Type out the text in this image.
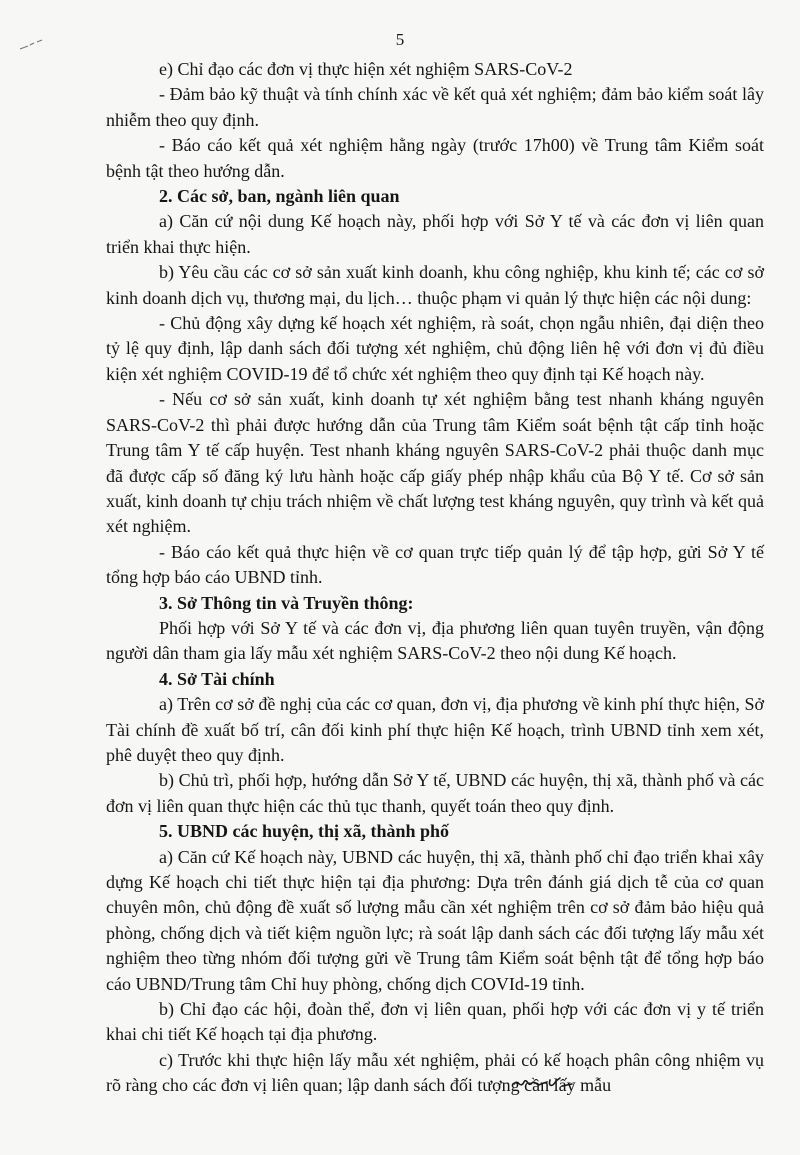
5

e) Chỉ đạo các đơn vị thực hiện xét nghiệm SARS-CoV-2

- Đảm bảo kỹ thuật và tính chính xác về kết quả xét nghiệm; đảm bảo kiểm soát lây nhiễm theo quy định.

- Báo cáo kết quả xét nghiệm hằng ngày (trước 17h00) về Trung tâm Kiểm soát bệnh tật theo hướng dẫn.

2. Các sở, ban, ngành liên quan

a) Căn cứ nội dung Kế hoạch này, phối hợp với Sở Y tế và các đơn vị liên quan triển khai thực hiện.

b) Yêu cầu các cơ sở sản xuất kinh doanh, khu công nghiệp, khu kinh tế; các cơ sở kinh doanh dịch vụ, thương mại, du lịch… thuộc phạm vi quản lý thực hiện các nội dung:

- Chủ động xây dựng kế hoạch xét nghiệm, rà soát, chọn ngẫu nhiên, đại diện theo tỷ lệ quy định, lập danh sách đối tượng xét nghiệm, chủ động liên hệ với đơn vị đủ điều kiện xét nghiệm COVID-19 để tổ chức xét nghiệm theo quy định tại Kế hoạch này.

- Nếu cơ sở sản xuất, kinh doanh tự xét nghiệm bằng test nhanh kháng nguyên SARS-CoV-2 thì phải được hướng dẫn của Trung tâm Kiểm soát bệnh tật cấp tỉnh hoặc Trung tâm Y tế cấp huyện. Test nhanh kháng nguyên SARS-CoV-2 phải thuộc danh mục đã được cấp số đăng ký lưu hành hoặc cấp giấy phép nhập khẩu của Bộ Y tế. Cơ sở sản xuất, kinh doanh tự chịu trách nhiệm về chất lượng test kháng nguyên, quy trình và kết quả xét nghiệm.

- Báo cáo kết quả thực hiện về cơ quan trực tiếp quản lý để tập hợp, gửi Sở Y tế tổng hợp báo cáo UBND tỉnh.

3. Sở Thông tin và Truyền thông:

Phối hợp với Sở Y tế và các đơn vị, địa phương liên quan tuyên truyền, vận động người dân tham gia lấy mẫu xét nghiệm SARS-CoV-2 theo nội dung Kế hoạch.

4. Sở Tài chính

a) Trên cơ sở đề nghị của các cơ quan, đơn vị, địa phương về kinh phí thực hiện, Sở Tài chính đề xuất bố trí, cân đối kinh phí thực hiện Kế hoạch, trình UBND tỉnh xem xét, phê duyệt theo quy định.

b) Chủ trì, phối hợp, hướng dẫn Sở Y tế, UBND các huyện, thị xã, thành phố và các đơn vị liên quan thực hiện các thủ tục thanh, quyết toán theo quy định.

5. UBND các huyện, thị xã, thành phố

a) Căn cứ Kế hoạch này, UBND các huyện, thị xã, thành phố chỉ đạo triển khai xây dựng Kế hoạch chi tiết thực hiện tại địa phương: Dựa trên đánh giá dịch tễ của cơ quan chuyên môn, chủ động đề xuất số lượng mẫu cần xét nghiệm trên cơ sở đảm bảo hiệu quả phòng, chống dịch và tiết kiệm nguồn lực; rà soát lập danh sách các đối tượng lấy mẫu xét nghiệm theo từng nhóm đối tượng gửi về Trung tâm Kiểm soát bệnh tật để tổng hợp báo cáo UBND/Trung tâm Chỉ huy phòng, chống dịch COVId-19 tỉnh.

b) Chỉ đạo các hội, đoàn thể, đơn vị liên quan, phối hợp với các đơn vị y tế triển khai chi tiết Kế hoạch tại địa phương.

c) Trước khi thực hiện lấy mẫu xét nghiệm, phải có kế hoạch phân công nhiệm vụ rõ ràng cho các đơn vị liên quan; lập danh sách đối tượng cần lấy mẫu
